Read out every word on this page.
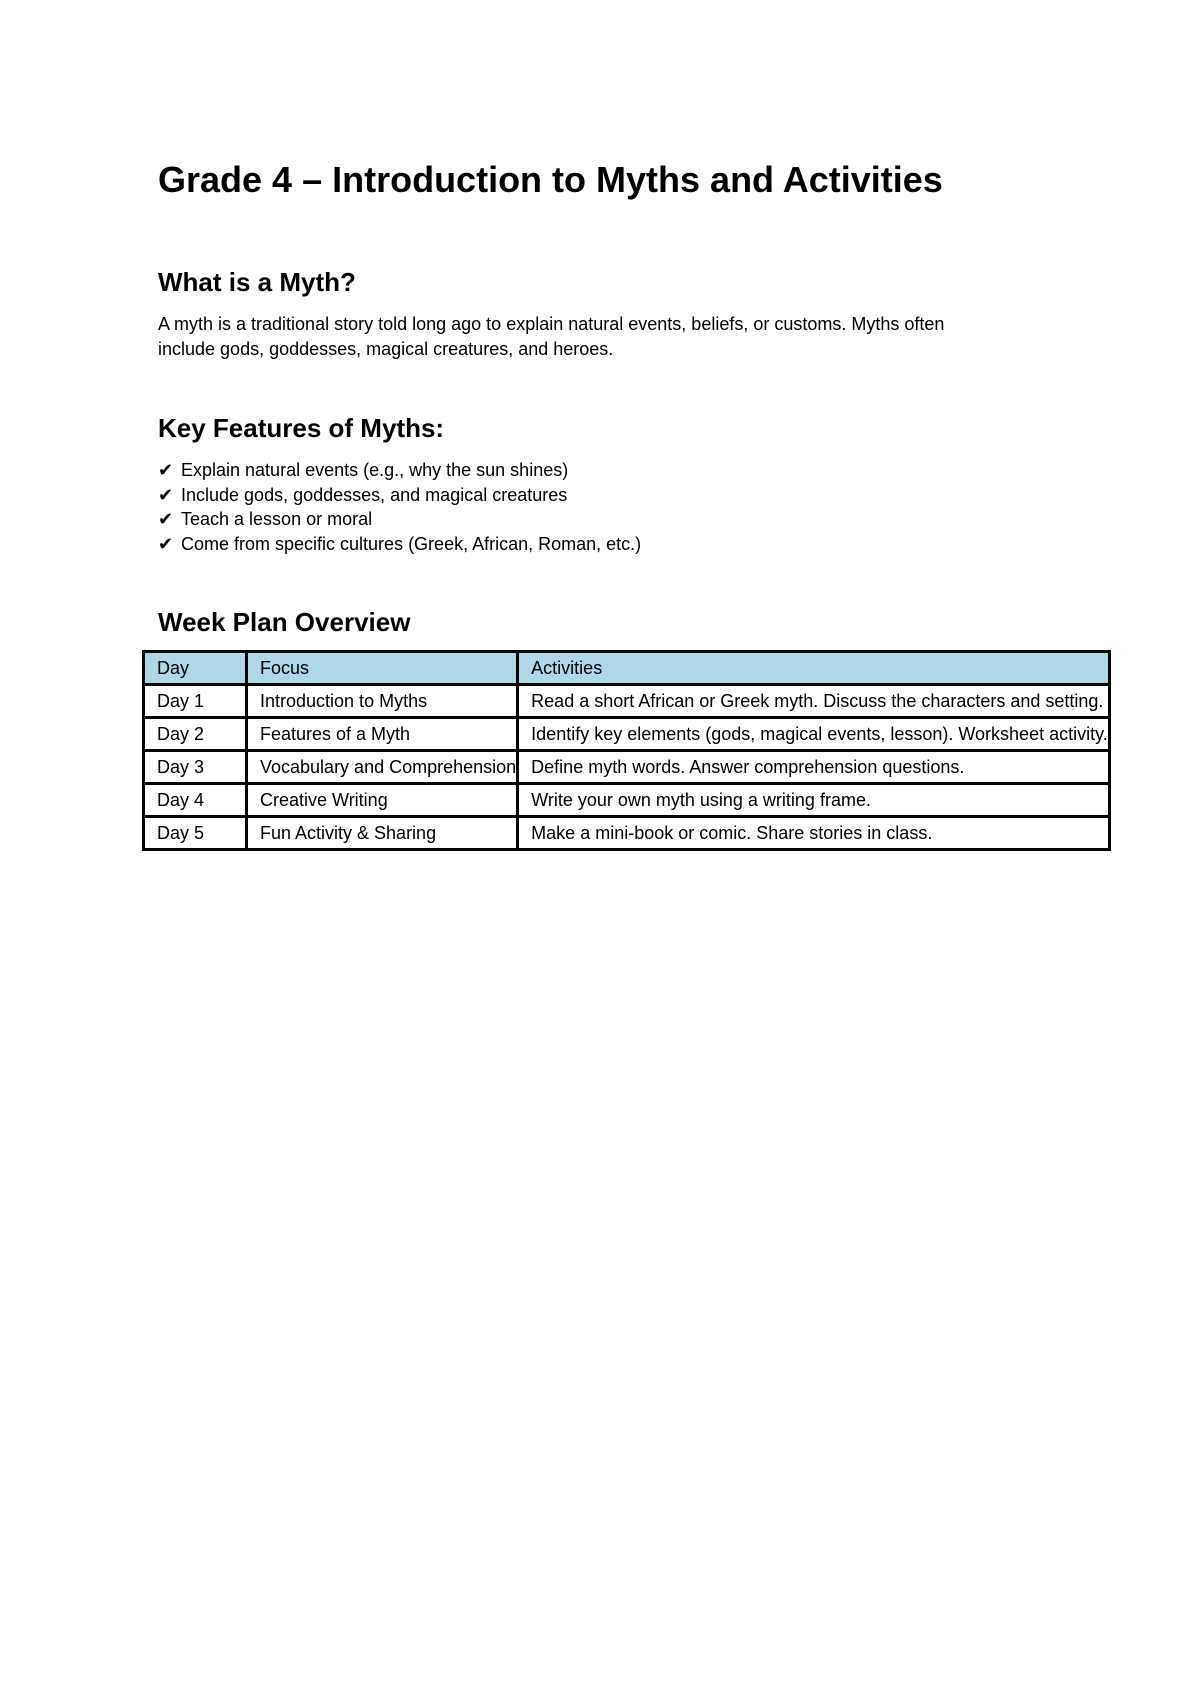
Grade 4 – Introduction to Myths and Activities
What is a Myth?

A myth is a traditional story told long ago to explain natural events, beliefs, or customs. Myths often
include gods, goddesses, magical creatures, and heroes.

Key Features of Myths:
✔ Explain natural events (e.g., why the sun shines)
✔ Include gods, goddesses, and magical creatures
✔ Teach a lesson or moral
✔ Come from specific cultures (Greek, African, Roman, etc.)
Week Plan Overview
Day	Focus	Activities
Day 1	Introduction to Myths	Read a short African or Greek myth. Discuss the characters and setting.
Day 2	Features of a Myth	Identify key elements (gods, magical events, lesson). Worksheet activity.
Day 3	Vocabulary and Comprehension	Define myth words. Answer comprehension questions.
Day 4	Creative Writing	Write your own myth using a writing frame.
Day 5	Fun Activity & Sharing	Make a mini-book or comic. Share stories in class.
